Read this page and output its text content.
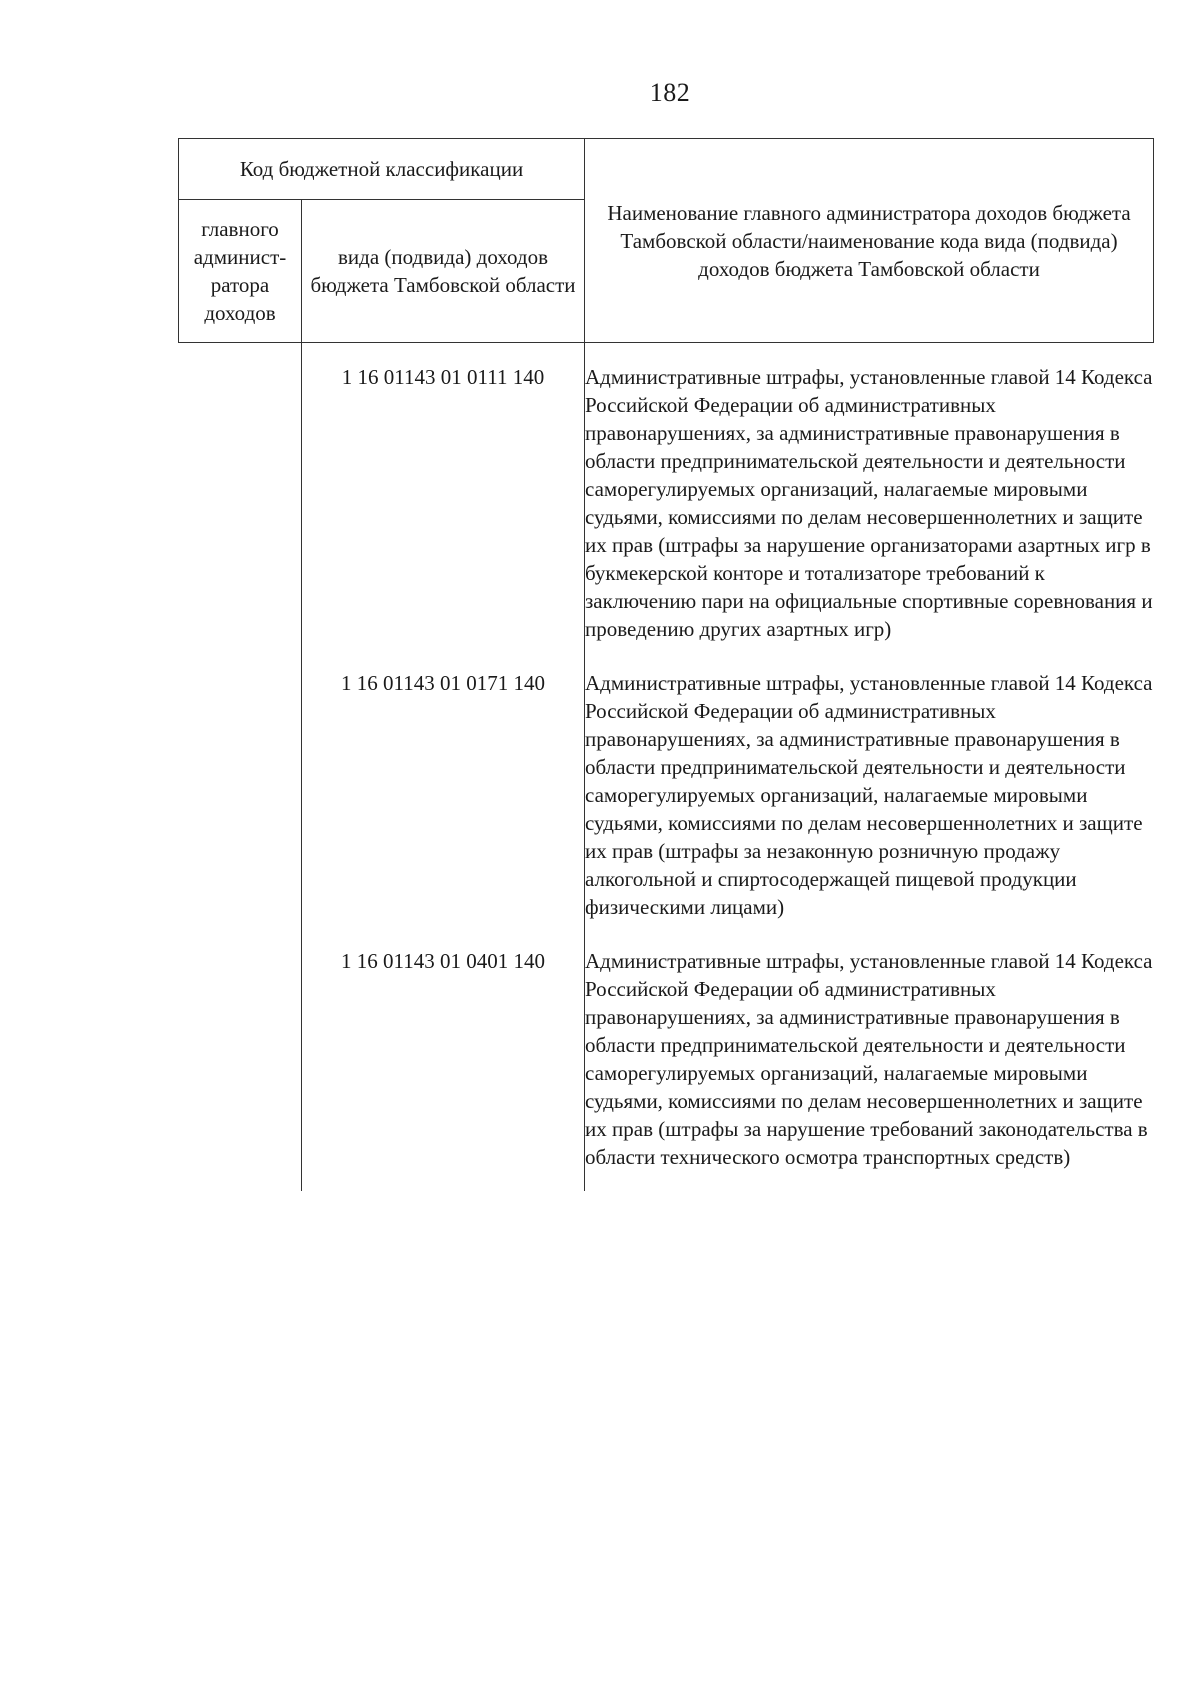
182
Код бюджетной классификации		Наименование главного администратора доходов бюджета Тамбовской области/наименование кода вида (подвида) доходов бюджета Тамбовской области
главного админист-ратора доходов	вида (подвида) доходов бюджета Тамбовской области	
	1 16 01143 01 0111 140	Административные штрафы, установленные главой 14 Кодекса Российской Федерации об административных правонарушениях, за административные правонарушения в области предпринимательской деятельности и деятельности саморегулируемых организаций, налагаемые мировыми судьями, комиссиями по делам несовершеннолетних и защите их прав (штрафы за нарушение организаторами азартных игр в букмекерской конторе и тотализаторе требований к заключению пари на официальные спортивные соревнования и проведению других азартных игр)
	1 16 01143 01 0171 140	Административные штрафы, установленные главой 14 Кодекса Российской Федерации об административных правонарушениях, за административные правонарушения в области предпринимательской деятельности и деятельности саморегулируемых организаций, налагаемые мировыми судьями, комиссиями по делам несовершеннолетних и защите их прав (штрафы за незаконную розничную продажу алкогольной и спиртосодержащей пищевой продукции физическими лицами)
	1 16 01143 01 0401 140	Административные штрафы, установленные главой 14 Кодекса Российской Федерации об административных правонарушениях, за административные правонарушения в области предпринимательской деятельности и деятельности саморегулируемых организаций, налагаемые мировыми судьями, комиссиями по делам несовершеннолетних и защите их прав (штрафы за нарушение требований законодательства в области технического осмотра транспортных средств)
